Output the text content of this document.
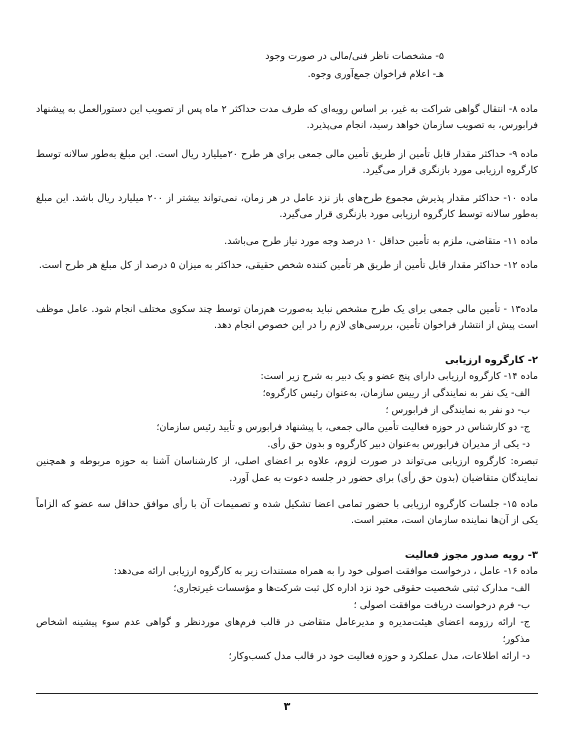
۵- مشخصات ناظر فنی/مالی در صورت وجود

هـ- اعلام فراخوان جمع‌آوری وجوه.

ماده ۸- انتقال گواهی شراکت به غیر، بر اساس رویه‌ای که طرف مدت حداکثر ۲ ماه پس از تصویب این دستورالعمل به پیشنهاد فرابورس، به تصویب سازمان خواهد رسید، انجام می‌پذیرد.

ماده ۹- حداکثر مقدار قابل تأمین از طریق تأمین مالی جمعی برای هر طرح ۲۰میلیارد ریال است. این مبلغ به‌طور سالانه توسط کارگروه ارزیابی مورد بازنگری قرار می‌گیرد.

ماده ۱۰- حداکثر مقدار پذیرش مجموع طرح‌های باز نزد عامل در هر زمان، نمی‌تواند بیشتر از ۲۰۰ میلیارد ریال باشد. این مبلغ به‌طور سالانه توسط کارگروه ارزیابی مورد بازنگری قرار می‌گیرد.

ماده ۱۱- متقاضی، ملزم به تأمین حداقل ۱۰ درصد وجه مورد نیاز طرح می‌باشد.

ماده ۱۲- حداکثر مقدار قابل تأمین از طریق هر تأمین کننده شخص حقیقی، حداکثر به میزان ۵ درصد از کل مبلغ هر طرح است.

ماده۱۳ - تأمین مالی جمعی برای یک طرح مشخص نباید به‌صورت هم‌زمان توسط چند سکوی مختلف انجام شود. عامل موظف است پیش از انتشار فراخوان تأمین، بررسی‌های لازم را در این خصوص انجام دهد.

۲- کارگروه ارزیابی

ماده ۱۴- کارگروه ارزیابی دارای پنج عضو و یک دبیر به شرح زیر است:

الف- یک نفر به نمایندگی از رییس سازمان، به‌عنوان رئیس کارگروه؛

ب- دو نفر به نمایندگی از فرابورس ؛

ج- دو کارشناس در حوزه فعالیت تأمین مالی جمعی، با پیشنهاد فرابورس و تأیید رئیس سازمان؛

د- یکی از مدیران فرابورس به‌عنوان دبیر کارگروه و بدون حق رأی.

تبصره: کارگروه ارزیابی می‌تواند در صورت لزوم، علاوه بر اعضای اصلی، از کارشناسان آشنا به حوزه مربوطه و همچنین نمایندگان متقاضیان (بدون حق رأی) برای حضور در جلسه دعوت به عمل آورد.

ماده ۱۵- جلسات کارگروه ارزیابی با حضور تمامی اعضا تشکیل شده و تصمیمات آن با رأی موافق حداقل سه عضو که الزاماً یکی از آن‌ها نماینده سازمان است، معتبر است.

۳- رویه صدور مجوز فعالیت

ماده ۱۶- عامل ، درخواست موافقت اصولی خود را به همراه مستندات زیر به کارگروه ارزیابی ارائه می‌دهد:

الف- مدارک ثبتی شخصیت حقوقی خود نزد اداره کل ثبت شرکت‌ها و مؤسسات غیرتجاری؛

ب- فرم درخواست دریافت موافقت اصولی ؛

ج- ارائه رزومه اعضای هیئت‌مدیره و مدیرعامل متقاضی در قالب فرم‌های موردنظر و گواهی عدم سوء پیشینه اشخاص مذکور؛

د- ارائه اطلاعات، مدل عملکرد و حوزه فعالیت خود در قالب مدل کسب‌وکار؛

۳
